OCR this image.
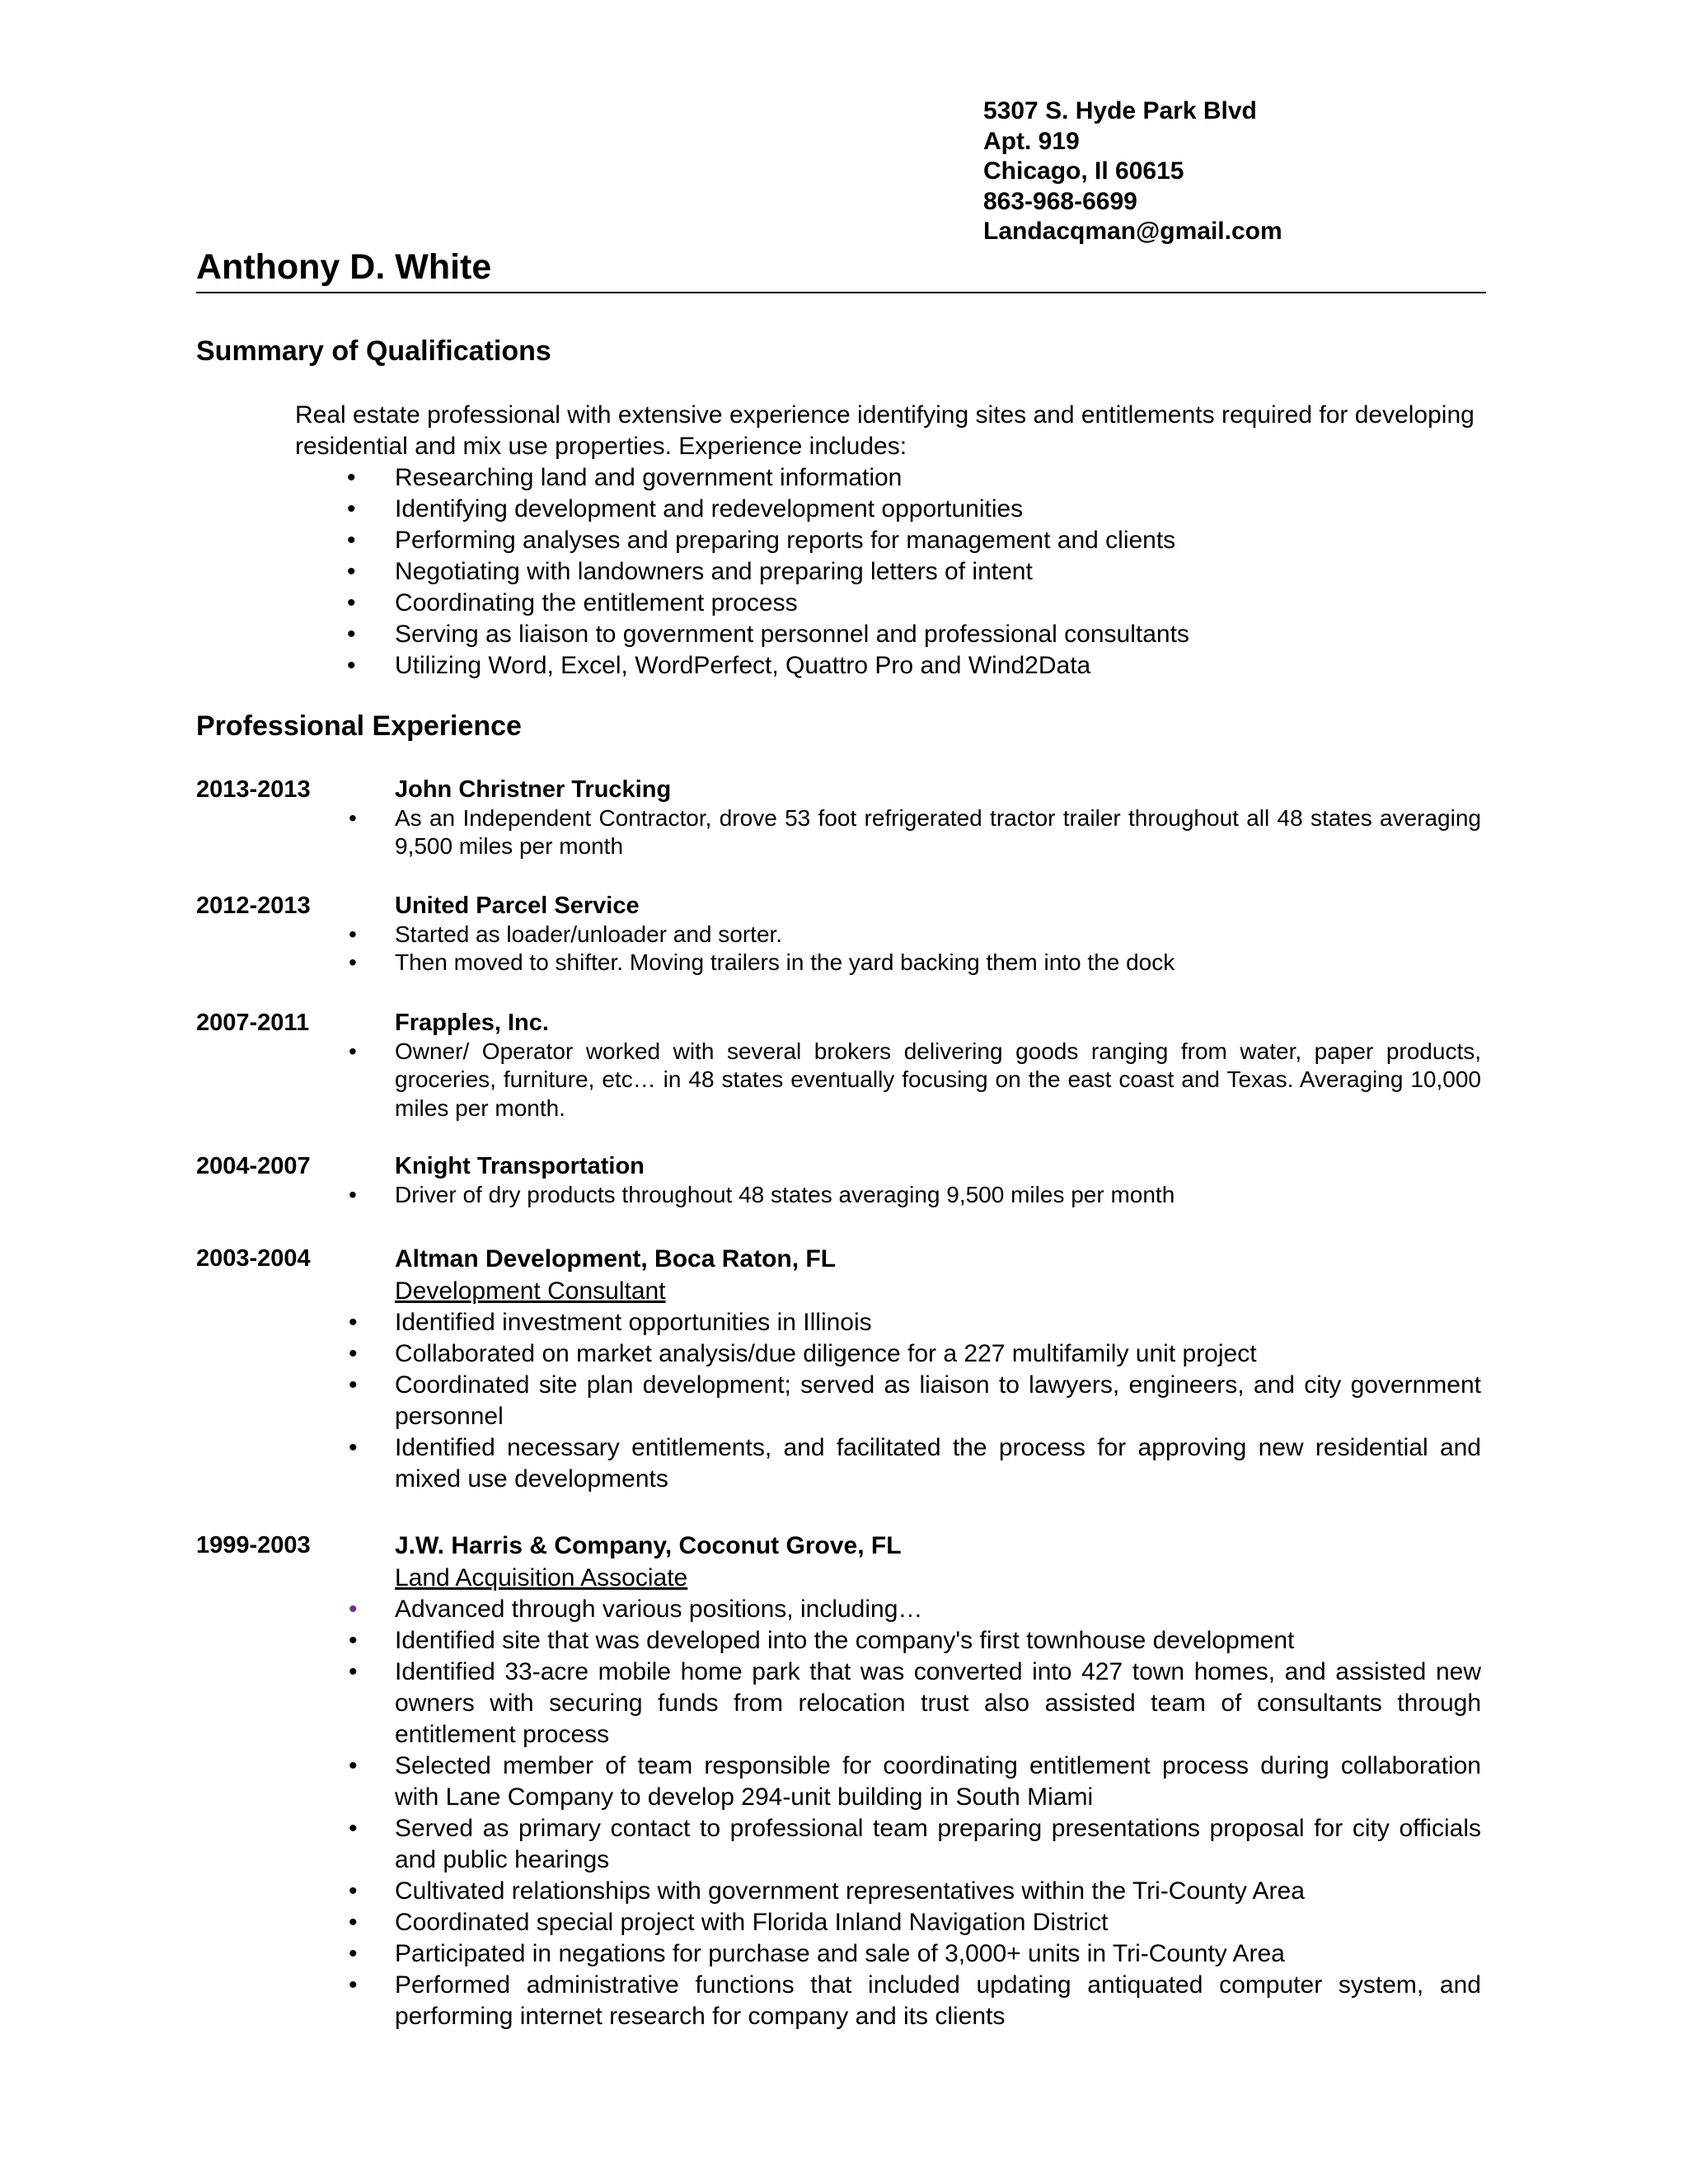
5307 S. Hyde Park Blvd
Apt. 919
Chicago, Il 60615
863-968-6699
Landacqman@gmail.com
Anthony D. White
Summary of Qualifications

Real estate professional with extensive experience identifying sites and entitlements required for developing residential and mix use properties. Experience includes:

• Researching land and government information
• Identifying development and redevelopment opportunities
• Performing analyses and preparing reports for management and clients
• Negotiating with landowners and preparing letters of intent
• Coordinating the entitlement process
• Serving as liaison to government personnel and professional consultants
• Utilizing Word, Excel, WordPerfect, Quattro Pro and Wind2Data
Professional Experience
2013-2013	John Christner Trucking
• As an Independent Contractor, drove 53 foot refrigerated tractor trailer throughout all 48 states averaging 9,500 miles per month
2012-2013	United Parcel Service
• Started as loader/unloader and sorter.
• Then moved to shifter. Moving trailers in the yard backing them into the dock
2007-2011	Frapples, Inc.
• Owner/ Operator worked with several brokers delivering goods ranging from water, paper products, groceries, furniture, etc… in 48 states eventually focusing on the east coast and Texas. Averaging 10,000 miles per month.
2004-2007	Knight Transportation
• Driver of dry products throughout 48 states averaging 9,500 miles per month
2003-2004	Altman Development, Boca Raton, FL
Development Consultant
• Identified investment opportunities in Illinois
• Collaborated on market analysis/due diligence for a 227 multifamily unit project
• Coordinated site plan development; served as liaison to lawyers, engineers, and city government personnel
• Identified necessary entitlements, and facilitated the process for approving new residential and mixed use developments
1999-2003	J.W. Harris & Company, Coconut Grove, FL
Land Acquisition Associate
• Advanced through various positions, including…
• Identified site that was developed into the company's first townhouse development
• Identified 33-acre mobile home park that was converted into 427 town homes, and assisted new owners with securing funds from relocation trust also assisted team of consultants through entitlement process
• Selected member of team responsible for coordinating entitlement process during collaboration with Lane Company to develop 294-unit building in South Miami
• Served as primary contact to professional team preparing presentations proposal for city officials and public hearings
• Cultivated relationships with government representatives within the Tri-County Area
• Coordinated special project with Florida Inland Navigation District
• Participated in negations for purchase and sale of 3,000+ units in Tri-County Area
• Performed administrative functions that included updating antiquated computer system, and performing internet research for company and its clients
